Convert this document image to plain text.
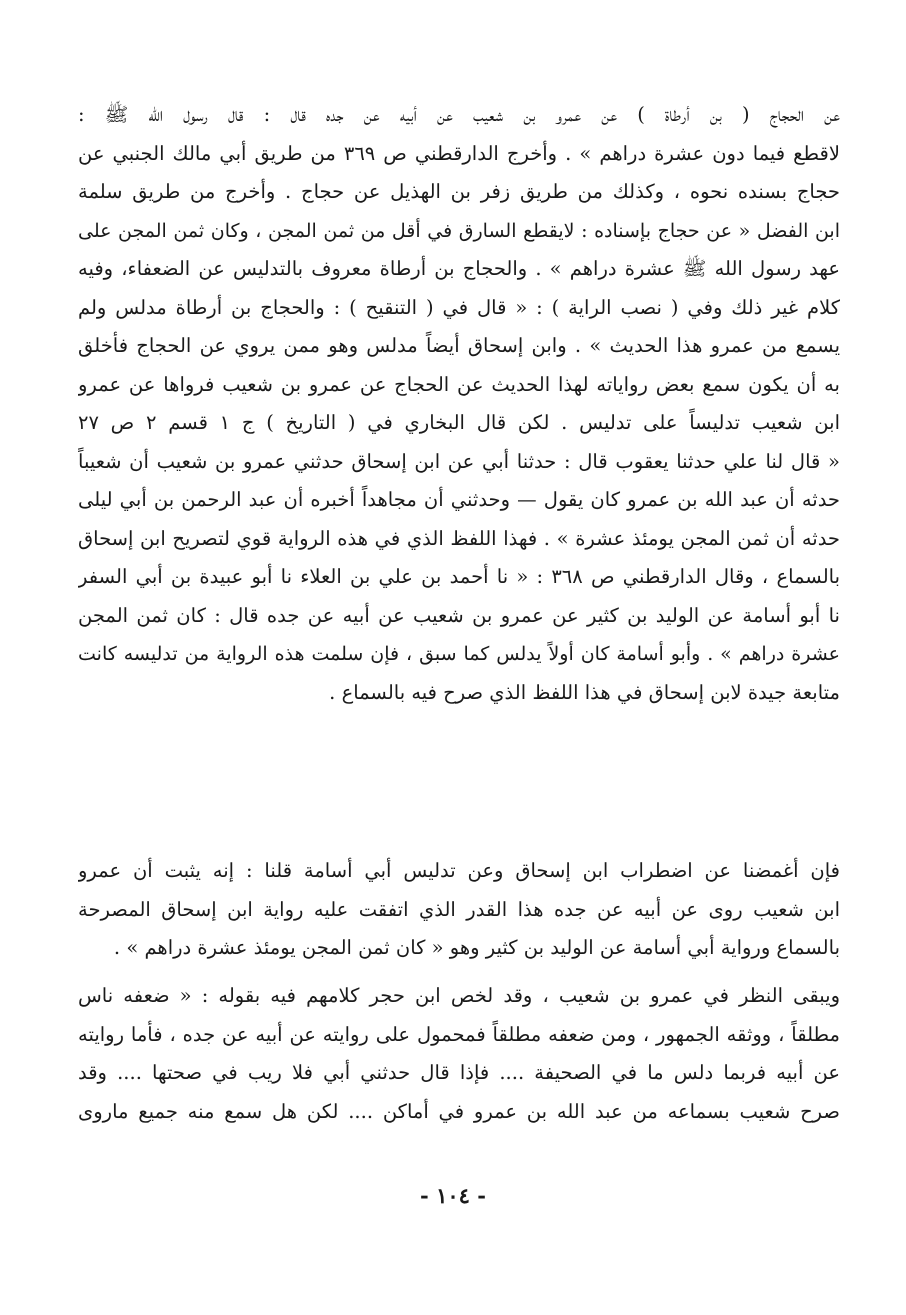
عن الحجاج ( بن أرطاة ) عن عمرو بن شعيب عن أبيه عن جده قال : قال رسول الله ﷺ :
لاقطع فيما دون عشرة دراهم » . وأخرج الدارقطني ص ٣٦٩ من طريق أبي مالك الجنبي عن
حجاج بسنده نحوه ، وكذلك من طريق زفر بن الهذيل عن حجاج . وأخرج من طريق سلمة
ابن الفضل « عن حجاج بإسناده : لايقطع السارق في أقل من ثمن المجن ، وكان ثمن المجن على
عهد رسول الله ﷺ عشرة دراهم » . والحجاج بن أرطاة معروف بالتدليس عن الضعفاء، وفيه
كلام غير ذلك وفي ( نصب الراية ) : « قال في ( التنقيح ) : والحجاج بن أرطاة مدلس ولم
يسمع من عمرو هذا الحديث » . وابن إسحاق أيضاً مدلس وهو ممن يروي عن الحجاج فأخلق
به أن يكون سمع بعض رواياته لهذا الحديث عن الحجاج عن عمرو بن شعيب فرواها عن عمرو
ابن شعيب تدليساً على تدليس . لكن قال البخاري في ( التاريخ ) ج ١ قسم ٢ ص ٢٧
« قال لنا علي حدثنا يعقوب قال : حدثنا أبي عن ابن إسحاق حدثني عمرو بن شعيب أن شعيباً
حدثه أن عبد الله بن عمرو كان يقول — وحدثني أن مجاهداً أخبره أن عبد الرحمن بن أبي ليلى
حدثه أن ثمن المجن يومئذ عشرة » . فهذا اللفظ الذي في هذه الرواية قوي لتصريح ابن إسحاق
بالسماع ، وقال الدارقطني ص ٣٦٨ : « نا أحمد بن علي بن العلاء نا أبو عبيدة بن أبي السفر
نا أبو أسامة عن الوليد بن كثير عن عمرو بن شعيب عن أبيه عن جده قال : كان ثمن المجن
عشرة دراهم » . وأبو أسامة كان أولاً يدلس كما سبق ، فإن سلمت هذه الرواية من تدليسه كانت
متابعة جيدة لابن إسحاق في هذا اللفظ الذي صرح فيه بالسماع .
فإن أغمضنا عن اضطراب ابن إسحاق وعن تدليس أبي أسامة قلنا : إنه يثبت أن عمرو
ابن شعيب روى عن أبيه عن جده هذا القدر الذي اتفقت عليه رواية ابن إسحاق المصرحة
بالسماع ورواية أبي أسامة عن الوليد بن كثير وهو « كان ثمن المجن يومئذ عشرة دراهم » .
ويبقى النظر في عمرو بن شعيب ، وقد لخص ابن حجر كلامهم فيه بقوله : « ضعفه ناس
مطلقاً ، ووثقه الجمهور ، ومن ضعفه مطلقاً فمحمول على روايته عن أبيه عن جده ، فأما روايته
عن أبيه فربما دلس ما في الصحيفة .... فإذا قال حدثني أبي فلا ريب في صحتها .... وقد
صرح شعيب بسماعه من عبد الله بن عمرو في أماكن .... لكن هل سمع منه جميع ماروى
- ١٠٤ -
